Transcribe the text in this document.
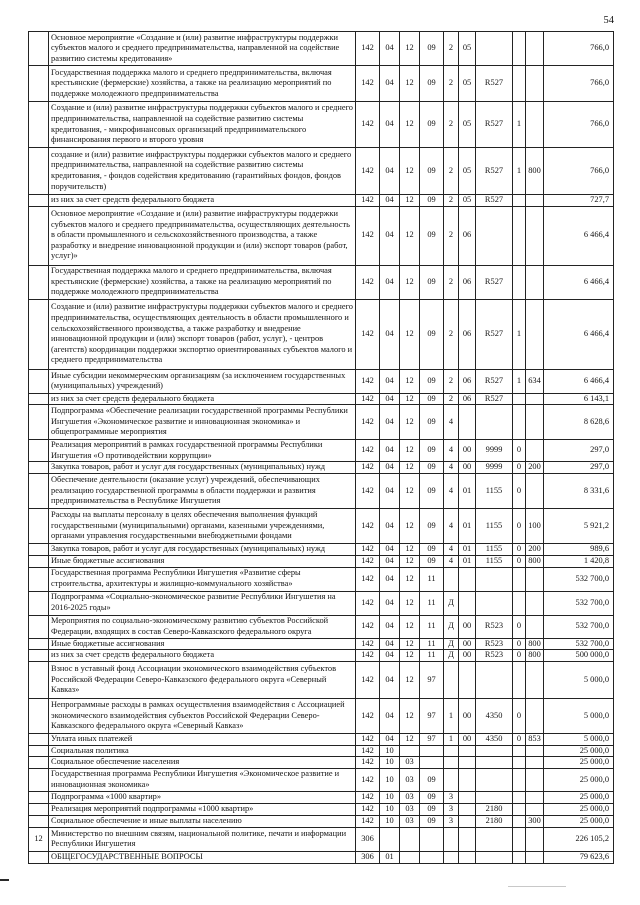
54
	Основное мероприятие «Создание и (или) развитие инфраструктуры поддержки субъектов малого и среднего предпринимательства, направленной на содействие развитию системы кредитования»	142	04	12	09	2	05				766,0
	Государственная поддержка малого и среднего предпринимательства, включая крестьянские (фермерские) хозяйства, а также на реализацию мероприятий по поддержке молодежного предпринимательства	142	04	12	09	2	05	R527			766,0
	Создание и (или) развитие инфраструктуры поддержки субъектов малого и среднего предпринимательства, направленной на содействие развитию системы кредитования, - микрофинансовых организаций предпринимательского финансирования первого и второго уровня	142	04	12	09	2	05	R527	1		766,0
	создание и (или) развитие инфраструктуры поддержки субъектов малого и среднего предпринимательства, направленной на содействие развитию системы кредитования, - фондов содействия кредитованию (гарантийных фондов, фондов поручительств)	142	04	12	09	2	05	R527	1	800	766,0
	из них за счет средств федерального бюджета	142	04	12	09	2	05	R527			727,7
	Основное мероприятие «Создание и (или) развитие инфраструктуры поддержки субъектов малого и среднего предпринимательства, осуществляющих деятельность в области промышленного и сельскохозяйственного производства, а также разработку и внедрение инновационной продукции и (или) экспорт товаров (работ, услуг)»	142	04	12	09	2	06				6 466,4
	Государственная поддержка малого и среднего предпринимательства, включая крестьянские (фермерские) хозяйства, а также на реализацию мероприятий по поддержке молодежного предпринимательства	142	04	12	09	2	06	R527			6 466,4
	Создание и (или) развитие инфраструктуры поддержки субъектов малого и среднего предпринимательства, осуществляющих деятельность в области промышленного и сельскохозяйственного производства, а также разработку и внедрение инновационной продукции и (или) экспорт товаров (работ, услуг), - центров (агентств) координации поддержки экспортно ориентированных субъектов малого и среднего предпринимательства	142	04	12	09	2	06	R527	1		6 466,4
	Иные субсидии некоммерческим организациям (за исключением государственных (муниципальных) учреждений)	142	04	12	09	2	06	R527	1	634	6 466,4
	из них за счет средств федерального бюджета	142	04	12	09	2	06	R527			6 143,1
	Подпрограмма «Обеспечение реализации государственной программы Республики Ингушетия «Экономическое развитие и инновационная экономика» и общепрограммные мероприятия	142	04	12	09	4					8 628,6
	Реализация мероприятий в рамках государственной программы Республики Ингушетия «О противодействии коррупции»	142	04	12	09	4	00	9999	0		297,0
	Закупка товаров, работ и услуг для государственных (муниципальных) нужд	142	04	12	09	4	00	9999	0	200	297,0
	Обеспечение деятельности (оказание услуг) учреждений, обеспечивающих реализацию государственной программы в области поддержки и развития предпринимательства в Республике Ингушетия	142	04	12	09	4	01	1155	0		8 331,6
	Расходы на выплаты персоналу в целях обеспечения выполнения функций государственными (муниципальными) органами, казенными учреждениями, органами управления государственными внебюджетными фондами	142	04	12	09	4	01	1155	0	100	5 921,2
	Закупка товаров, работ и услуг для государственных (муниципальных) нужд	142	04	12	09	4	01	1155	0	200	989,6
	Иные бюджетные ассигнования	142	04	12	09	4	01	1155	0	800	1 420,8
	Государственная программа Республики Ингушетия «Развитие сферы строительства, архитектуры и жилищно-коммунального хозяйства»	142	04	12	11						532 700,0
	Подпрограмма «Социально-экономическое развитие Республики Ингушетия на 2016-2025 годы»	142	04	12	11	Д					532 700,0
	Мероприятия по социально-экономическому развитию субъектов Российской Федерации, входящих в состав Северо-Кавказского федерального округа	142	04	12	11	Д	00	R523	0		532 700,0
	Иные бюджетные ассигнования	142	04	12	11	Д	00	R523	0	800	532 700,0
	из них за счет средств федерального бюджета	142	04	12	11	Д	00	R523	0	800	500 000,0
	Взнос в уставный фонд Ассоциации экономического взаимодействия субъектов Российской Федерации Северо-Кавказского федерального округа «Северный Кавказ»	142	04	12	97						5 000,0
	Непрограммные расходы в рамках осуществления взаимодействия с Ассоциацией экономического взаимодействия субъектов Российской Федерации Северо-Кавказского федерального округа «Северный Кавказ»	142	04	12	97	1	00	4350	0		5 000,0
	Уплата иных платежей	142	04	12	97	1	00	4350	0	853	5 000,0
	Социальная политика	142	10								25 000,0
	Социальное обеспечение населения	142	10	03							25 000,0
	Государственная программа Республики Ингушетия «Экономическое развитие и инновационная экономика»	142	10	03	09						25 000,0
	Подпрограмма «1000 квартир»	142	10	03	09	3					25 000,0
	Реализация мероприятий подпрограммы «1000 квартир»	142	10	03	09	3		2180			25 000,0
	Социальное обеспечение и иные выплаты населению	142	10	03	09	3		2180		300	25 000,0
12	Министерство по внешним связям, национальной политике, печати и информации Республики Ингушетия	306									226 105,2
	ОБЩЕГОСУДАРСТВЕННЫЕ ВОПРОСЫ	306	01								79 623,6
